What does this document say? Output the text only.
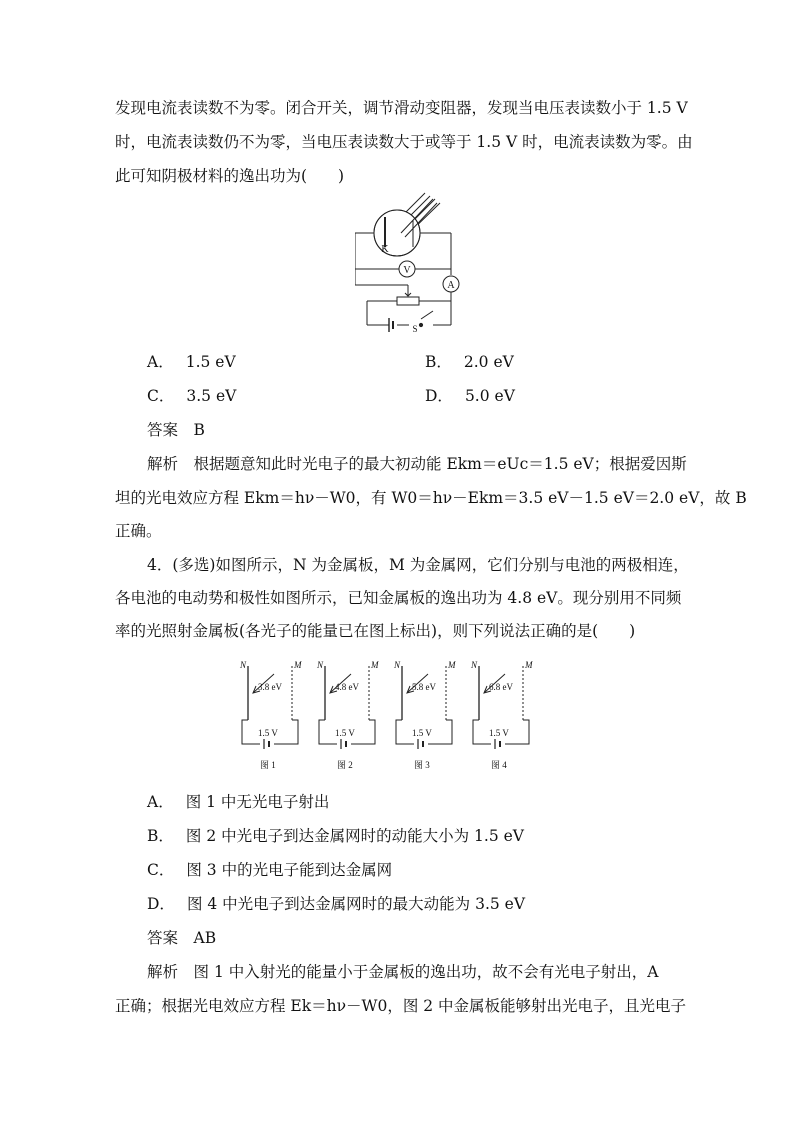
发现电流表读数不为零。闭合开关，调节滑动变阻器，发现当电压表读数小于 1.5 V
时，电流表读数仍不为零，当电压表读数大于或等于 1.5 V 时，电流表读数为零。由
此可知阴极材料的逸出功为(　　)
K
V
A
S
A． 1.5 eV	B． 2.0 eV
C． 3.5 eV	D． 5.0 eV
答案　 B
解析　 根据题意知此时光电子的最大初动能 Ekm＝eUc＝1.5 eV；根据爱因斯
坦的光电效应方程 Ekm＝hν－W0，有 W0＝hν－Ekm＝3.5 eV－1.5 eV＝2.0 eV，故 B
正确。
4．(多选)如图所示，N 为金属板，M 为金属网，它们分别与电池的两极相连，
各电池的电动势和极性如图所示，已知金属板的逸出功为 4.8 eV。现分别用不同频
率的光照射金属板(各光子的能量已在图上标出)，则下列说法正确的是(　　)
N	M
3.8 eV
1.5 V
图 1
N	M
4.8 eV
1.5 V
图 2
N	M
5.8 eV
1.5 V
图 3
N	M
6.8 eV
1.5 V
图 4
A． 图 1 中无光电子射出
B． 图 2 中光电子到达金属网时的动能大小为 1.5 eV
C． 图 3 中的光电子能到达金属网
D． 图 4 中光电子到达金属网时的最大动能为 3.5 eV
答案　 AB
解析　 图 1 中入射光的能量小于金属板的逸出功，故不会有光电子射出，A
正确；根据光电效应方程 Ek＝hν－W0，图 2 中金属板能够射出光电子，且光电子
